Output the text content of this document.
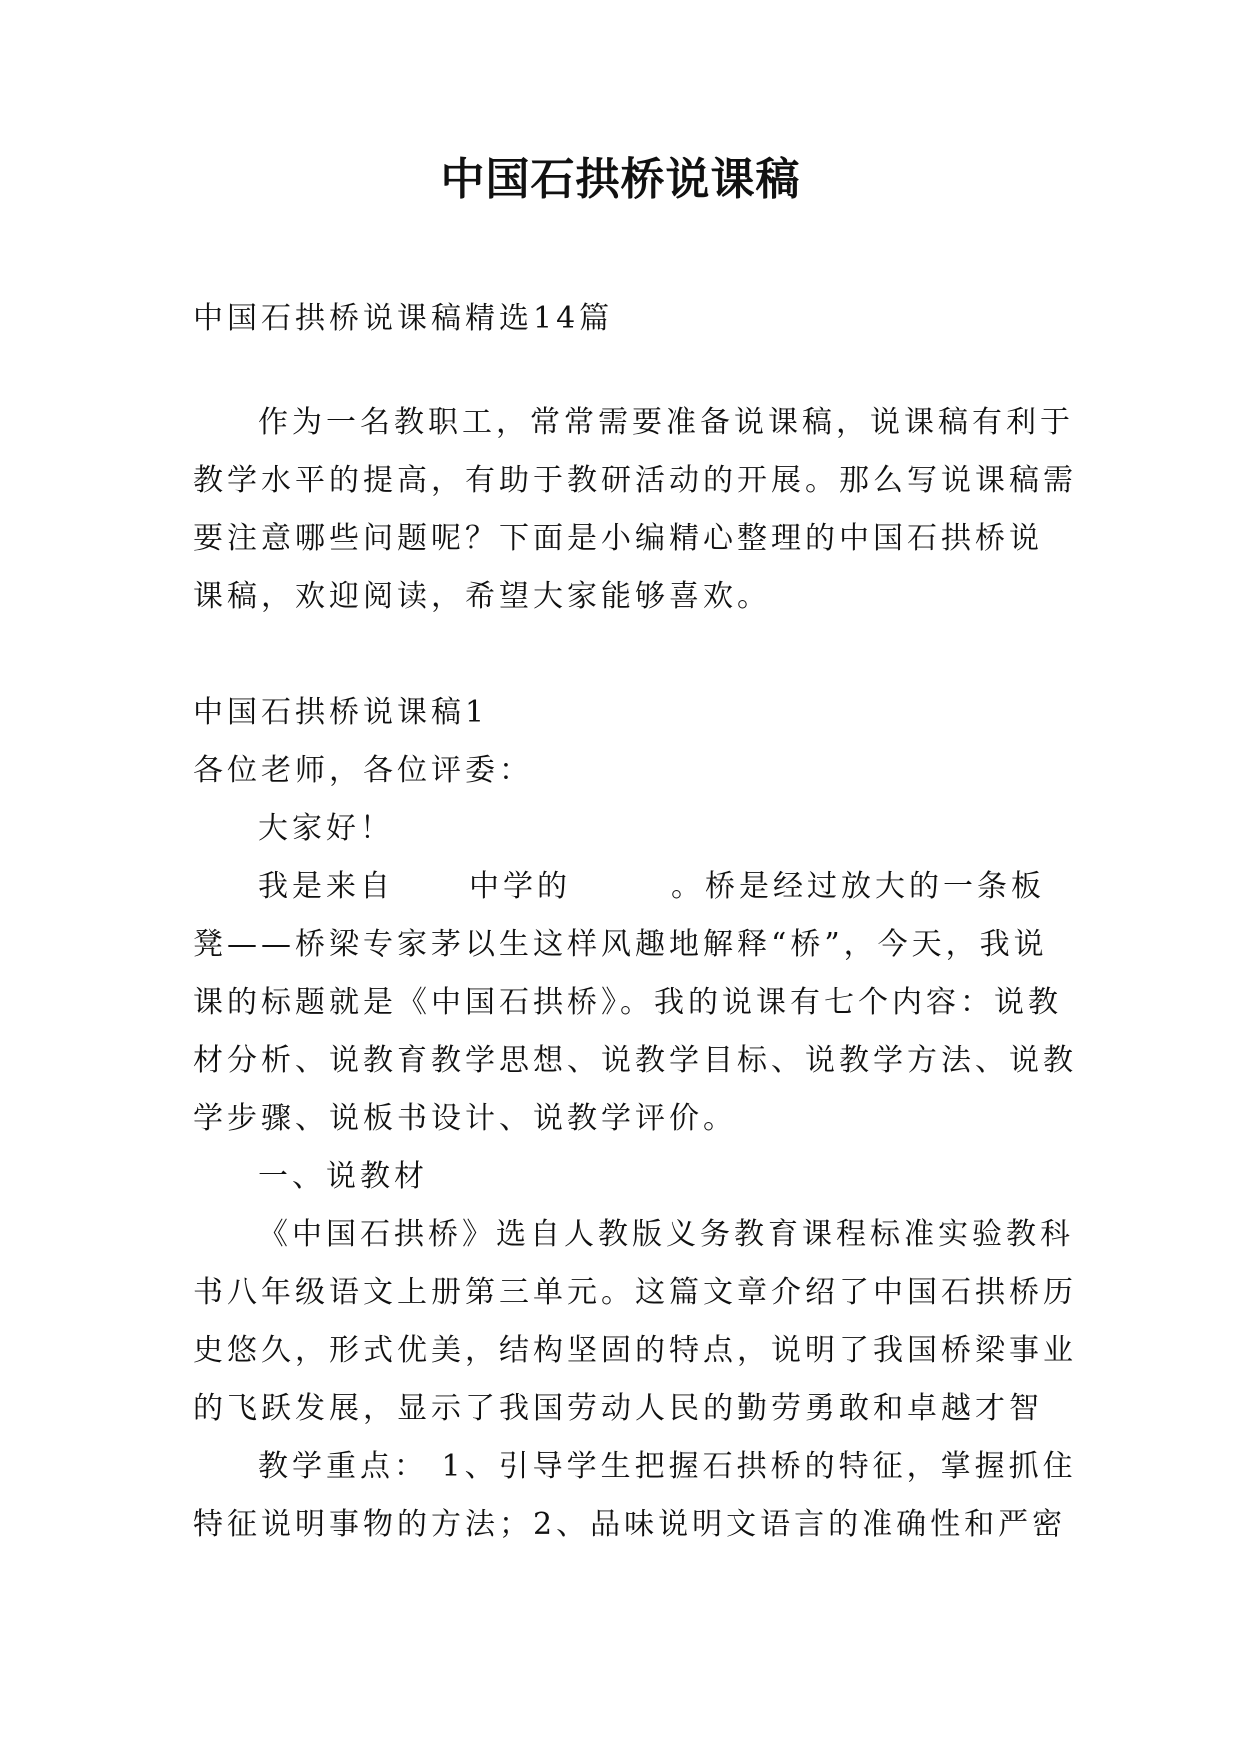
中国石拱桥说课稿

中国石拱桥说课稿精选14篇

作为一名教职工，常常需要准备说课稿，说课稿有利于

教学水平的提高，有助于教研活动的开展。那么写说课稿需

要注意哪些问题呢？下面是小编精心整理的中国石拱桥说

课稿，欢迎阅读，希望大家能够喜欢。

中国石拱桥说课稿1

各位老师，各位评委：

大家好！

我是来自	中学的	。桥是经过放大的一条板

凳——桥梁专家茅以生这样风趣地解释“桥”，今天，我说

课的标题就是《中国石拱桥》。我的说课有七个内容：说教

材分析、说教育教学思想、说教学目标、说教学方法、说教

学步骤、说板书设计、说教学评价。

一、说教材

《中国石拱桥》选自人教版义务教育课程标准实验教科

书八年级语文上册第三单元。这篇文章介绍了中国石拱桥历

史悠久，形式优美，结构坚固的特点，说明了我国桥梁事业

的飞跃发展，显示了我国劳动人民的勤劳勇敢和卓越才智

教学重点： 1、引导学生把握石拱桥的特征，掌握抓住

特征说明事物的方法；2、品味说明文语言的准确性和严密
